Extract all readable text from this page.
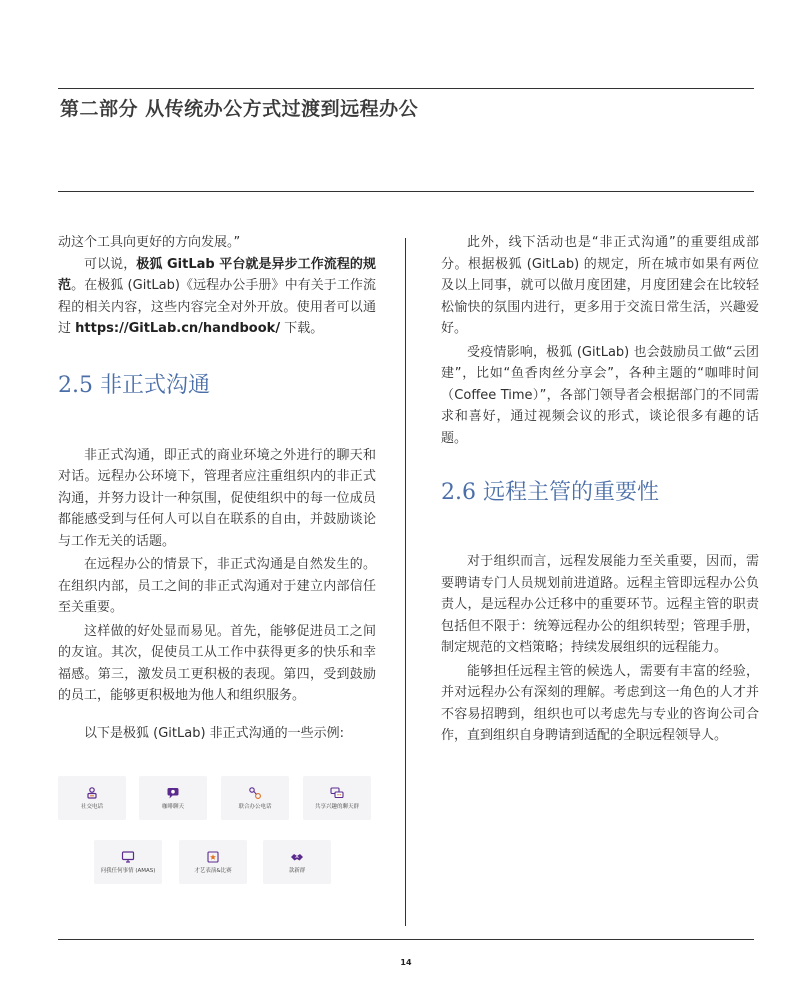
第二部分 从传统办公方式过渡到远程办公

动这个工具向更好的方向发展。”

可以说，极狐 GitLab 平台就是异步工作流程的规范。在极狐 (GitLab)《远程办公手册》中有关于工作流程的相关内容，这些内容完全对外开放。使用者可以通过 https://GitLab.cn/handbook/ 下载。

2.5 非正式沟通

非正式沟通，即正式的商业环境之外进行的聊天和对话。远程办公环境下，管理者应注重组织内的非正式沟通，并努力设计一种氛围，促使组织中的每一位成员都能感受到与任何人可以自在联系的自由，并鼓励谈论与工作无关的话题。

在远程办公的情景下，非正式沟通是自然发生的。在组织内部，员工之间的非正式沟通对于建立内部信任至关重要。

这样做的好处显而易见。首先，能够促进员工之间的友谊。其次，促使员工从工作中获得更多的快乐和幸福感。第三，激发员工更积极的表现。第四，受到鼓励的员工，能够更积极地为他人和组织服务。

以下是极狐 (GitLab) 非正式沟通的一些示例:

社交电话	咖啡聊天	联合办公电话	共享兴趣的聊天群
问我任何事情 (AMAS)	才艺表演&比赛	款新群

此外，线下活动也是“非正式沟通”的重要组成部分。根据极狐 (GitLab) 的规定，所在城市如果有两位及以上同事，就可以做月度团建，月度团建会在比较轻松愉快的氛围内进行，更多用于交流日常生活，兴趣爱好。

受疫情影响，极狐 (GitLab) 也会鼓励员工做“云团建”，比如“鱼香肉丝分享会”，各种主题的“咖啡时间（Coffee Time）”，各部门领导者会根据部门的不同需求和喜好，通过视频会议的形式，谈论很多有趣的话题。

2.6 远程主管的重要性

对于组织而言，远程发展能力至关重要，因而，需要聘请专门人员规划前进道路。远程主管即远程办公负责人，是远程办公迁移中的重要环节。远程主管的职责包括但不限于：统筹远程办公的组织转型；管理手册，制定规范的文档策略；持续发展组织的远程能力。

能够担任远程主管的候选人，需要有丰富的经验，并对远程办公有深刻的理解。考虑到这一角色的人才并不容易招聘到，组织也可以考虑先与专业的咨询公司合作，直到组织自身聘请到适配的全职远程领导人。

14
